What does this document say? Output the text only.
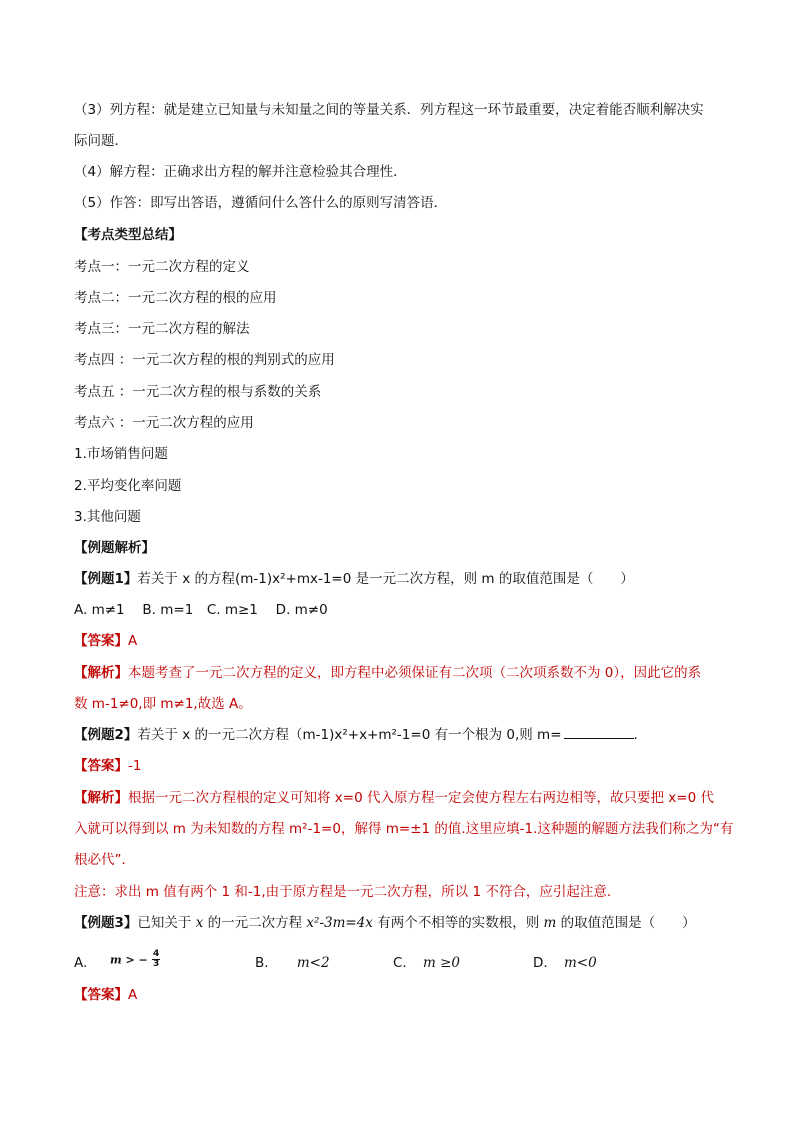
（3）列方程：就是建立已知量与未知量之间的等量关系．列方程这一环节最重要，决定着能否顺利解决实
际问题．
（4）解方程：正确求出方程的解并注意检验其合理性．
（5）作答：即写出答语，遵循问什么答什么的原则写清答语．
【考点类型总结】
考点一：一元二次方程的定义
考点二：一元二次方程的根的应用
考点三：一元二次方程的解法
考点四 ：一元二次方程的根的判别式的应用
考点五 ：一元二次方程的根与系数的关系
考点六 ：一元二次方程的应用
1.市场销售问题
2.平均变化率问题
3.其他问题
【例题解析】
【例题1】若关于 x 的方程(m-1)x²+mx-1=0 是一元二次方程，则 m 的取值范围是（　　）
A. m≠1　 B. m=1　C. m≥1　 D. m≠0
【答案】A
【解析】本题考查了一元二次方程的定义，即方程中必须保证有二次项（二次项系数不为 0），因此它的系
数 m-1≠0,即 m≠1,故选 A。
【例题2】若关于 x 的一元二次方程（m-1)x²+x+m²-1=0 有一个根为 0,则 m=	.
【答案】-1
【解析】根据一元二次方程根的定义可知将 x=0 代入原方程一定会使方程左右两边相等，故只要把 x=0 代
入就可以得到以 m 为未知数的方程 m²-1=0，解得 m=±1 的值.这里应填-1.这种题的解题方法我们称之为“有
根必代”．
注意：求出 m 值有两个 1 和-1,由于原方程是一元二次方程，所以 1 不符合，应引起注意.
【例题3】已知关于 x 的一元二次方程 x²-3m=4x 有两个不相等的实数根，则 m 的取值范围是（　　）
A. m > − $\frac{4}{3}$	B. m<2	C. m ≥0	D. m<0
【答案】A
